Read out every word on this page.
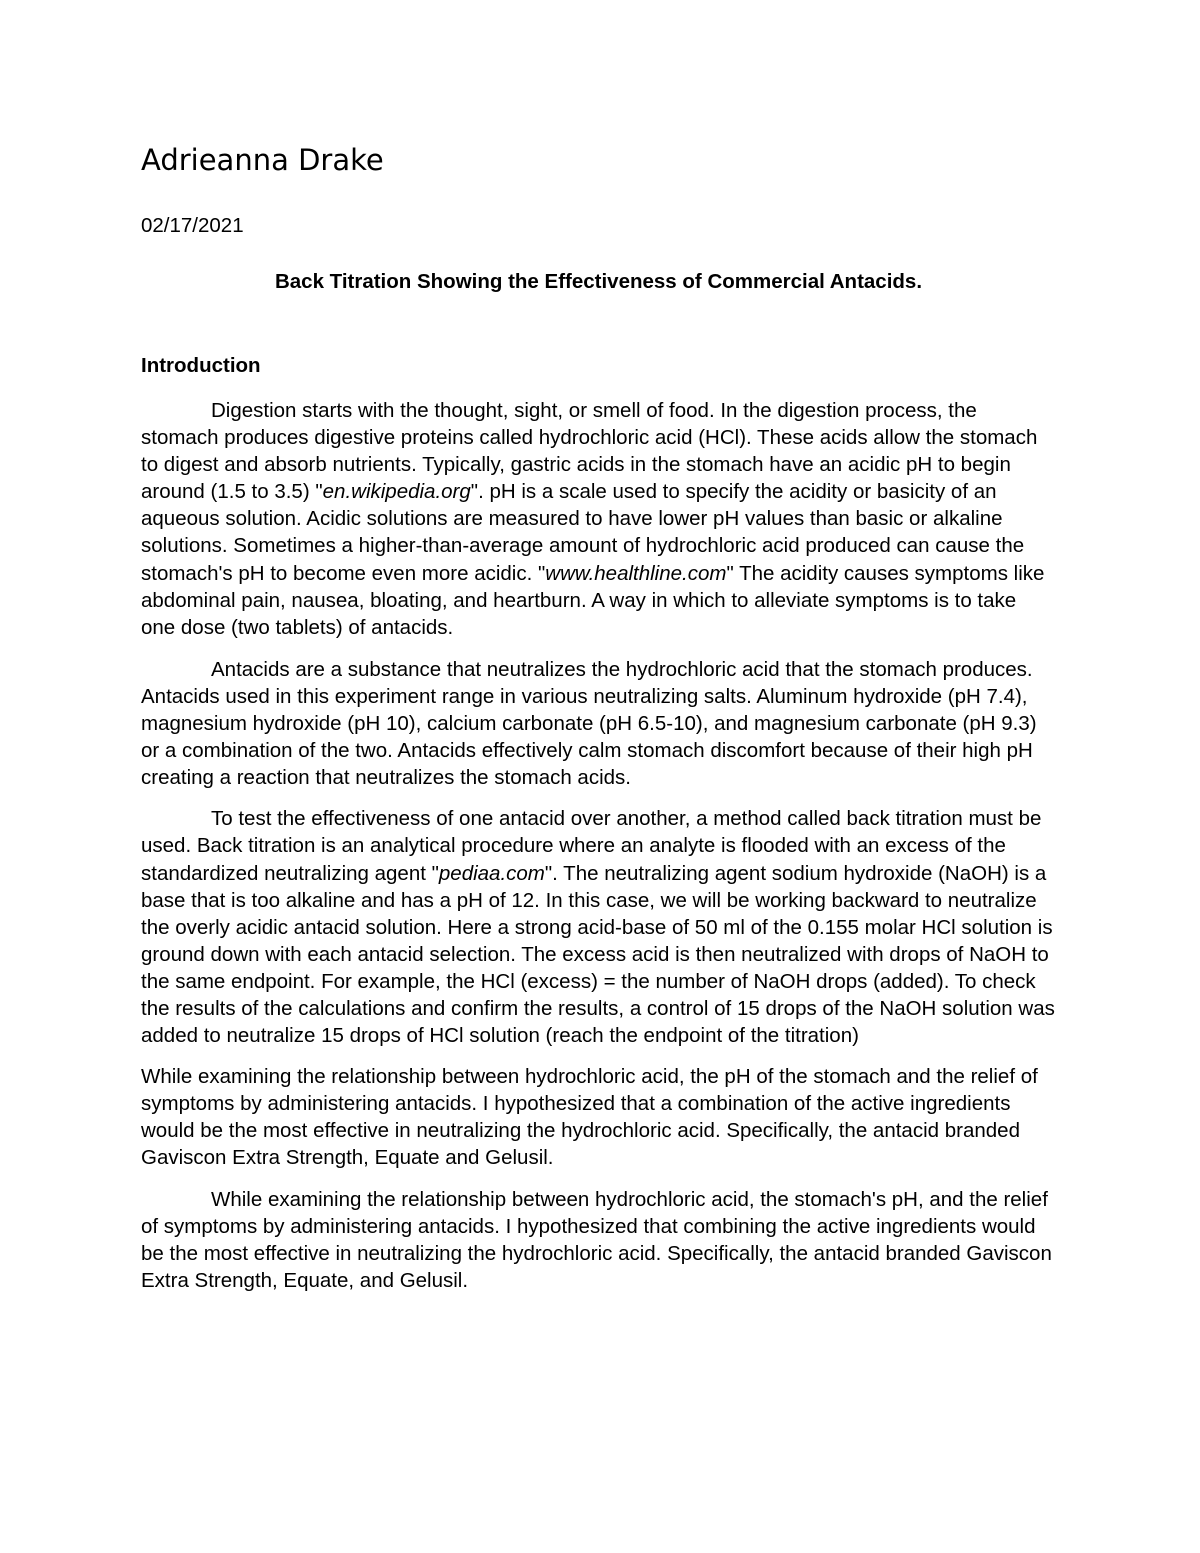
Adrieanna Drake
02/17/2021
Back Titration Showing the Effectiveness of Commercial Antacids.
Introduction

Digestion starts with the thought, sight, or smell of food. In the digestion process, the stomach produces digestive proteins called hydrochloric acid (HCl). These acids allow the stomach to digest and absorb nutrients. Typically, gastric acids in the stomach have an acidic pH to begin around (1.5 to 3.5) "en.wikipedia.org". pH is a scale used to specify the acidity or basicity of an aqueous solution. Acidic solutions are measured to have lower pH values than basic or alkaline solutions. Sometimes a higher-than-average amount of hydrochloric acid produced can cause the stomach's pH to become even more acidic. "www.healthline.com" The acidity causes symptoms like abdominal pain, nausea, bloating, and heartburn. A way in which to alleviate symptoms is to take one dose (two tablets) of antacids.

Antacids are a substance that neutralizes the hydrochloric acid that the stomach produces. Antacids used in this experiment range in various neutralizing salts. Aluminum hydroxide (pH 7.4), magnesium hydroxide (pH 10), calcium carbonate (pH 6.5-10), and magnesium carbonate (pH 9.3) or a combination of the two. Antacids effectively calm stomach discomfort because of their high pH creating a reaction that neutralizes the stomach acids.

To test the effectiveness of one antacid over another, a method called back titration must be used. Back titration is an analytical procedure where an analyte is flooded with an excess of the standardized neutralizing agent "pediaa.com". The neutralizing agent sodium hydroxide (NaOH) is a base that is too alkaline and has a pH of 12. In this case, we will be working backward to neutralize the overly acidic antacid solution. Here a strong acid-base of 50 ml of the 0.155 molar HCl solution is ground down with each antacid selection. The excess acid is then neutralized with drops of NaOH to the same endpoint. For example, the HCl (excess) = the number of NaOH drops (added). To check the results of the calculations and confirm the results, a control of 15 drops of the NaOH solution was added to neutralize 15 drops of HCl solution (reach the endpoint of the titration)

While examining the relationship between hydrochloric acid, the pH of the stomach and the relief of symptoms by administering antacids. I hypothesized that a combination of the active ingredients would be the most effective in neutralizing the hydrochloric acid. Specifically, the antacid branded Gaviscon Extra Strength, Equate and Gelusil.

While examining the relationship between hydrochloric acid, the stomach's pH, and the relief of symptoms by administering antacids. I hypothesized that combining the active ingredients would be the most effective in neutralizing the hydrochloric acid. Specifically, the antacid branded Gaviscon Extra Strength, Equate, and Gelusil.
